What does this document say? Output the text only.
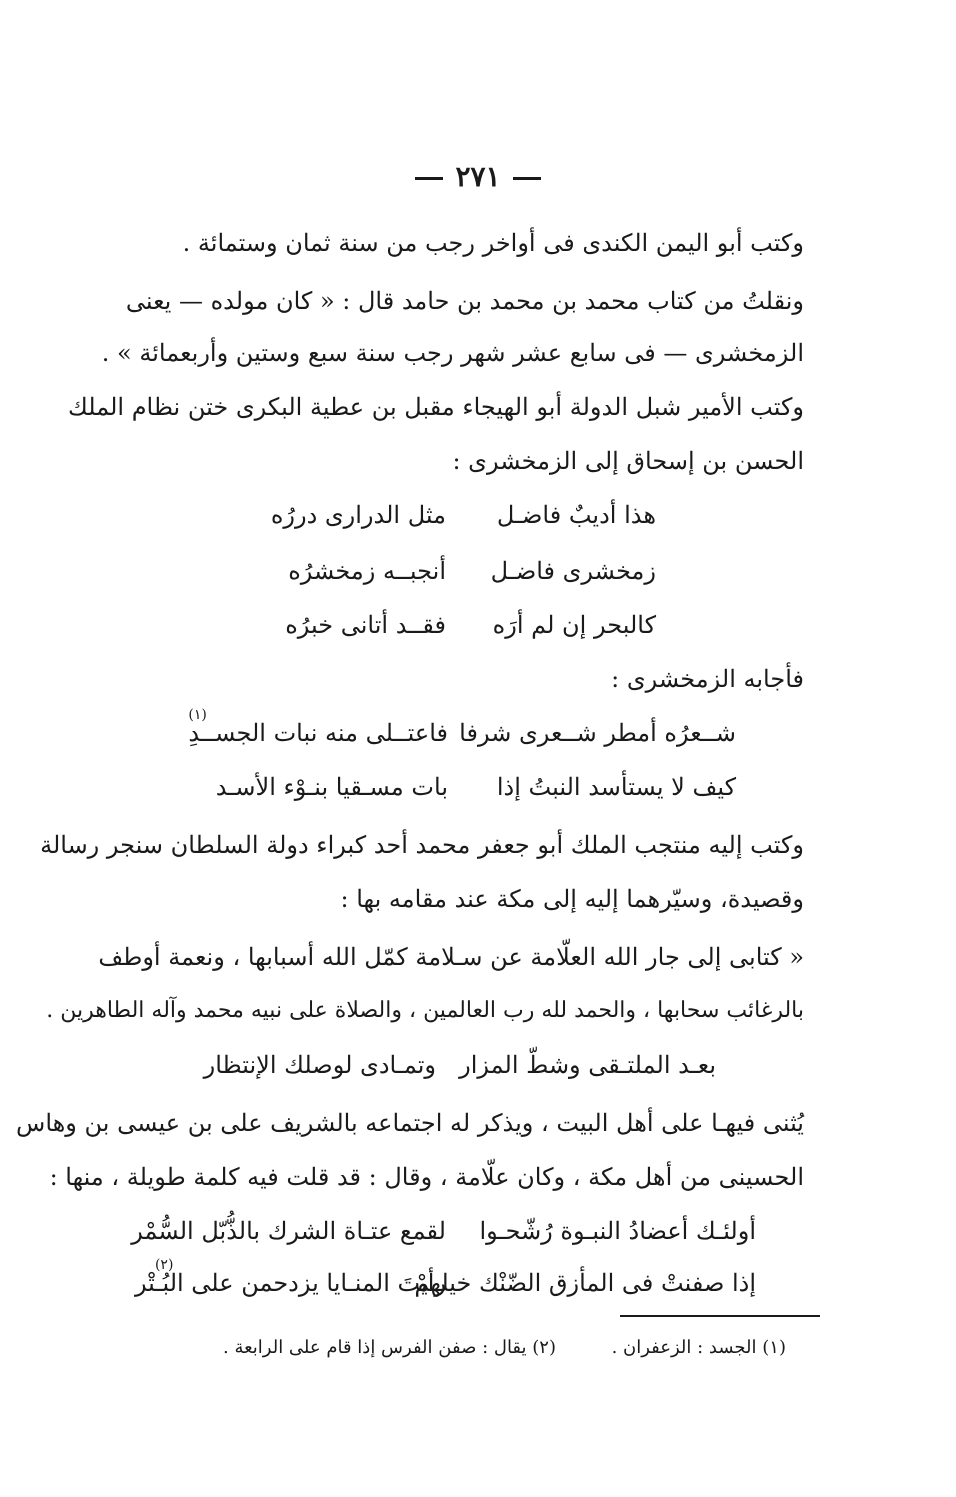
٢٧١
وكتب أبو اليمن الكندى فى أواخر رجب من سنة ثمان وستمائة .
ونقلتُ من كتاب محمد بن محمد بن حامد قال : « كان مولده — يعنى
الزمخشرى — فى سابع عشر شهر رجب سنة سبع وستين وأربعمائة » .
وكتب الأمير شبل الدولة أبو الهيجاء مقبل بن عطية البكرى ختن نظام الملك
الحسن بن إسحاق إلى الزمخشرى :
هذا أديبٌ فاضـل
مثل الدرارى دررُه
زمخشرى فاضـل
أنجبــه زمخشرُه
كالبحر إن لم أرَه
فقــد أتانى خبرُه
فأجابه الزمخشرى :
شــعرُه أمطر شــعرى شرفا
فاعتــلى منه نبات الجســدِ
(١)
كيف لا يستأسد النبتُ إذا
بات مسـقيا بنـوْء الأسـد
وكتب إليه منتجب الملك أبو جعفر محمد أحد كبراء دولة السلطان سنجر رسالة
وقصيدة، وسيّرهما إليه إلى مكة عند مقامه بها :
« كتابى إلى جار الله العلّامة عن سـلامة كمّل الله أسبابها ، ونعمة أوطف
بالرغائب سحابها ، والحمد لله رب العالمين ، والصلاة على نبيه محمد وآله الطاهرين .
بعـد الملتـقى وشطّ المزار
وتمـادى لوصلك الإنتظار
يُثنى فيهـا على أهل البيت ، ويذكر له اجتماعه بالشريف على بن عيسى بن وهاس
الحسينى من أهل مكة ، وكان علّامة ، وقال : قد قلت فيه كلمة طويلة ، منها :
أولئـك أعضادُ النبـوة رُشّحـوا
لقمع عتـاة الشرك بالذُّبّل السُّمْر
إذا صفنتْ فى المأزق الضّنْك خيلهمْ
رأيتَ المنـايا يزدحمن على البُـتْر
(٢)
(١) الجسد : الزعفران .
(٢) يقال : صفن الفرس إذا قام على الرابعة .
